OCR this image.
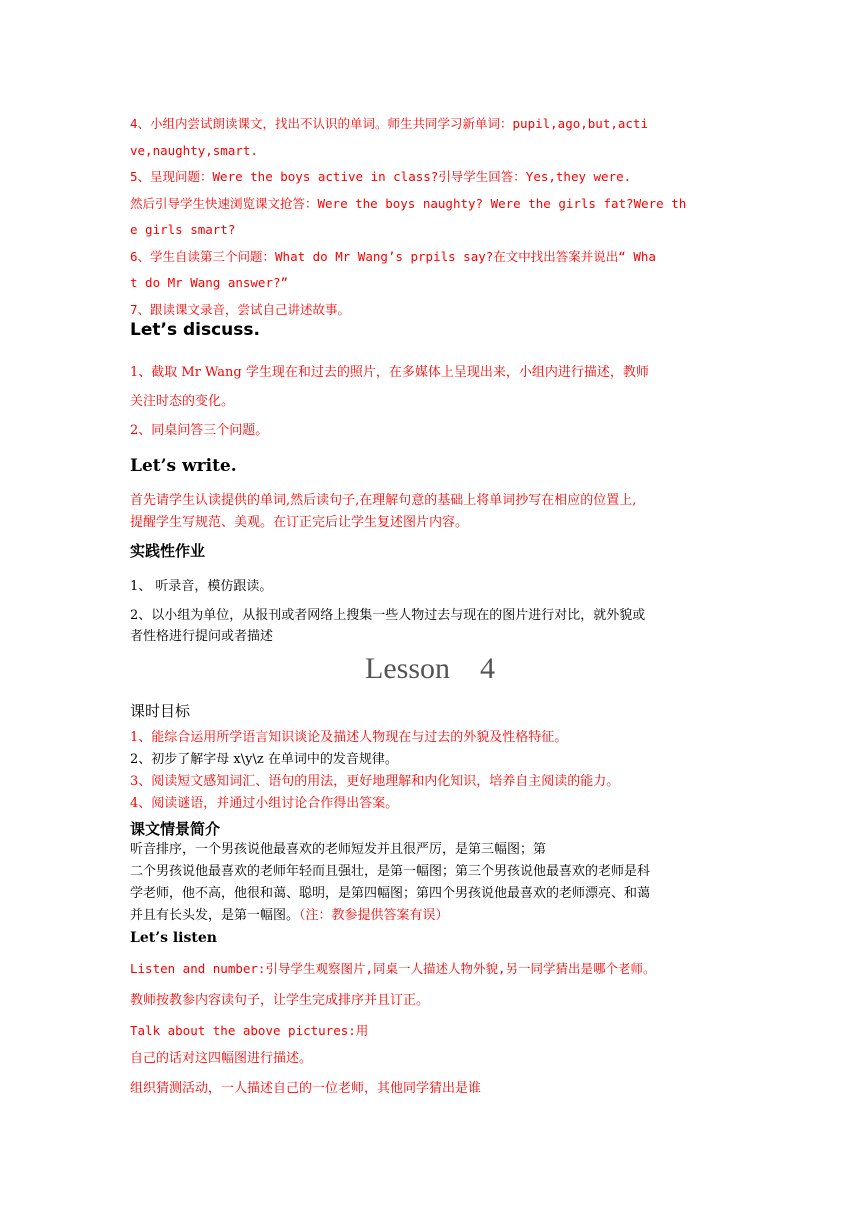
4、小组内尝试朗读课文，找出不认识的单词。师生共同学习新单词：pupil,ago,but,acti
ve,naughty,smart.
5、呈现问题：Were the boys active in class?引导学生回答：Yes,they were.
然后引导学生快速浏览课文抢答：Were the boys naughty? Were the girls fat?Were th
e girls smart?
6、学生自读第三个问题：What do Mr Wang’s prpils say?在文中找出答案并说出“ Wha
t do Mr Wang answer?”
7、跟读课文录音，尝试自己讲述故事。
Let’s discuss.
1、截取 Mr Wang 学生现在和过去的照片，在多媒体上呈现出来，小组内进行描述，教师
关注时态的变化。
2、同桌问答三个问题。
Let’s write.
首先请学生认读提供的单词,然后读句子,在理解句意的基础上将单词抄写在相应的位置上,
提醒学生写规范、美观。在订正完后让学生复述图片内容。
实践性作业
1、 听录音，模仿跟读。
2、以小组为单位，从报刊或者网络上搜集一些人物过去与现在的图片进行对比，就外貌或
者性格进行提问或者描述
Lesson    4
课时目标
1、能综合运用所学语言知识谈论及描述人物现在与过去的外貌及性格特征。
2、初步了解字母 x\y\z 在单词中的发音规律。
3、阅读短文感知词汇、语句的用法，更好地理解和内化知识，培养自主阅读的能力。
4、阅读谜语，并通过小组讨论合作得出答案。
课文情景简介
听音排序，一个男孩说他最喜欢的老师短发并且很严厉，是第三幅图；第
二个男孩说他最喜欢的老师年轻而且强壮，是第一幅图；第三个男孩说他最喜欢的老师是科
学老师，他不高，他很和蔼、聪明，是第四幅图；第四个男孩说他最喜欢的老师漂亮、和蔼
并且有长头发，是第一幅图。（注：教参提供答案有误）
Let’s listen
Listen and number:引导学生观察图片,同桌一人描述人物外貌,另一同学猜出是哪个老师。
教师按教参内容读句子，让学生完成排序并且订正。
Talk about the above pictures:用
自己的话对这四幅图进行描述。
组织猜测活动，一人描述自己的一位老师，其他同学猜出是谁
